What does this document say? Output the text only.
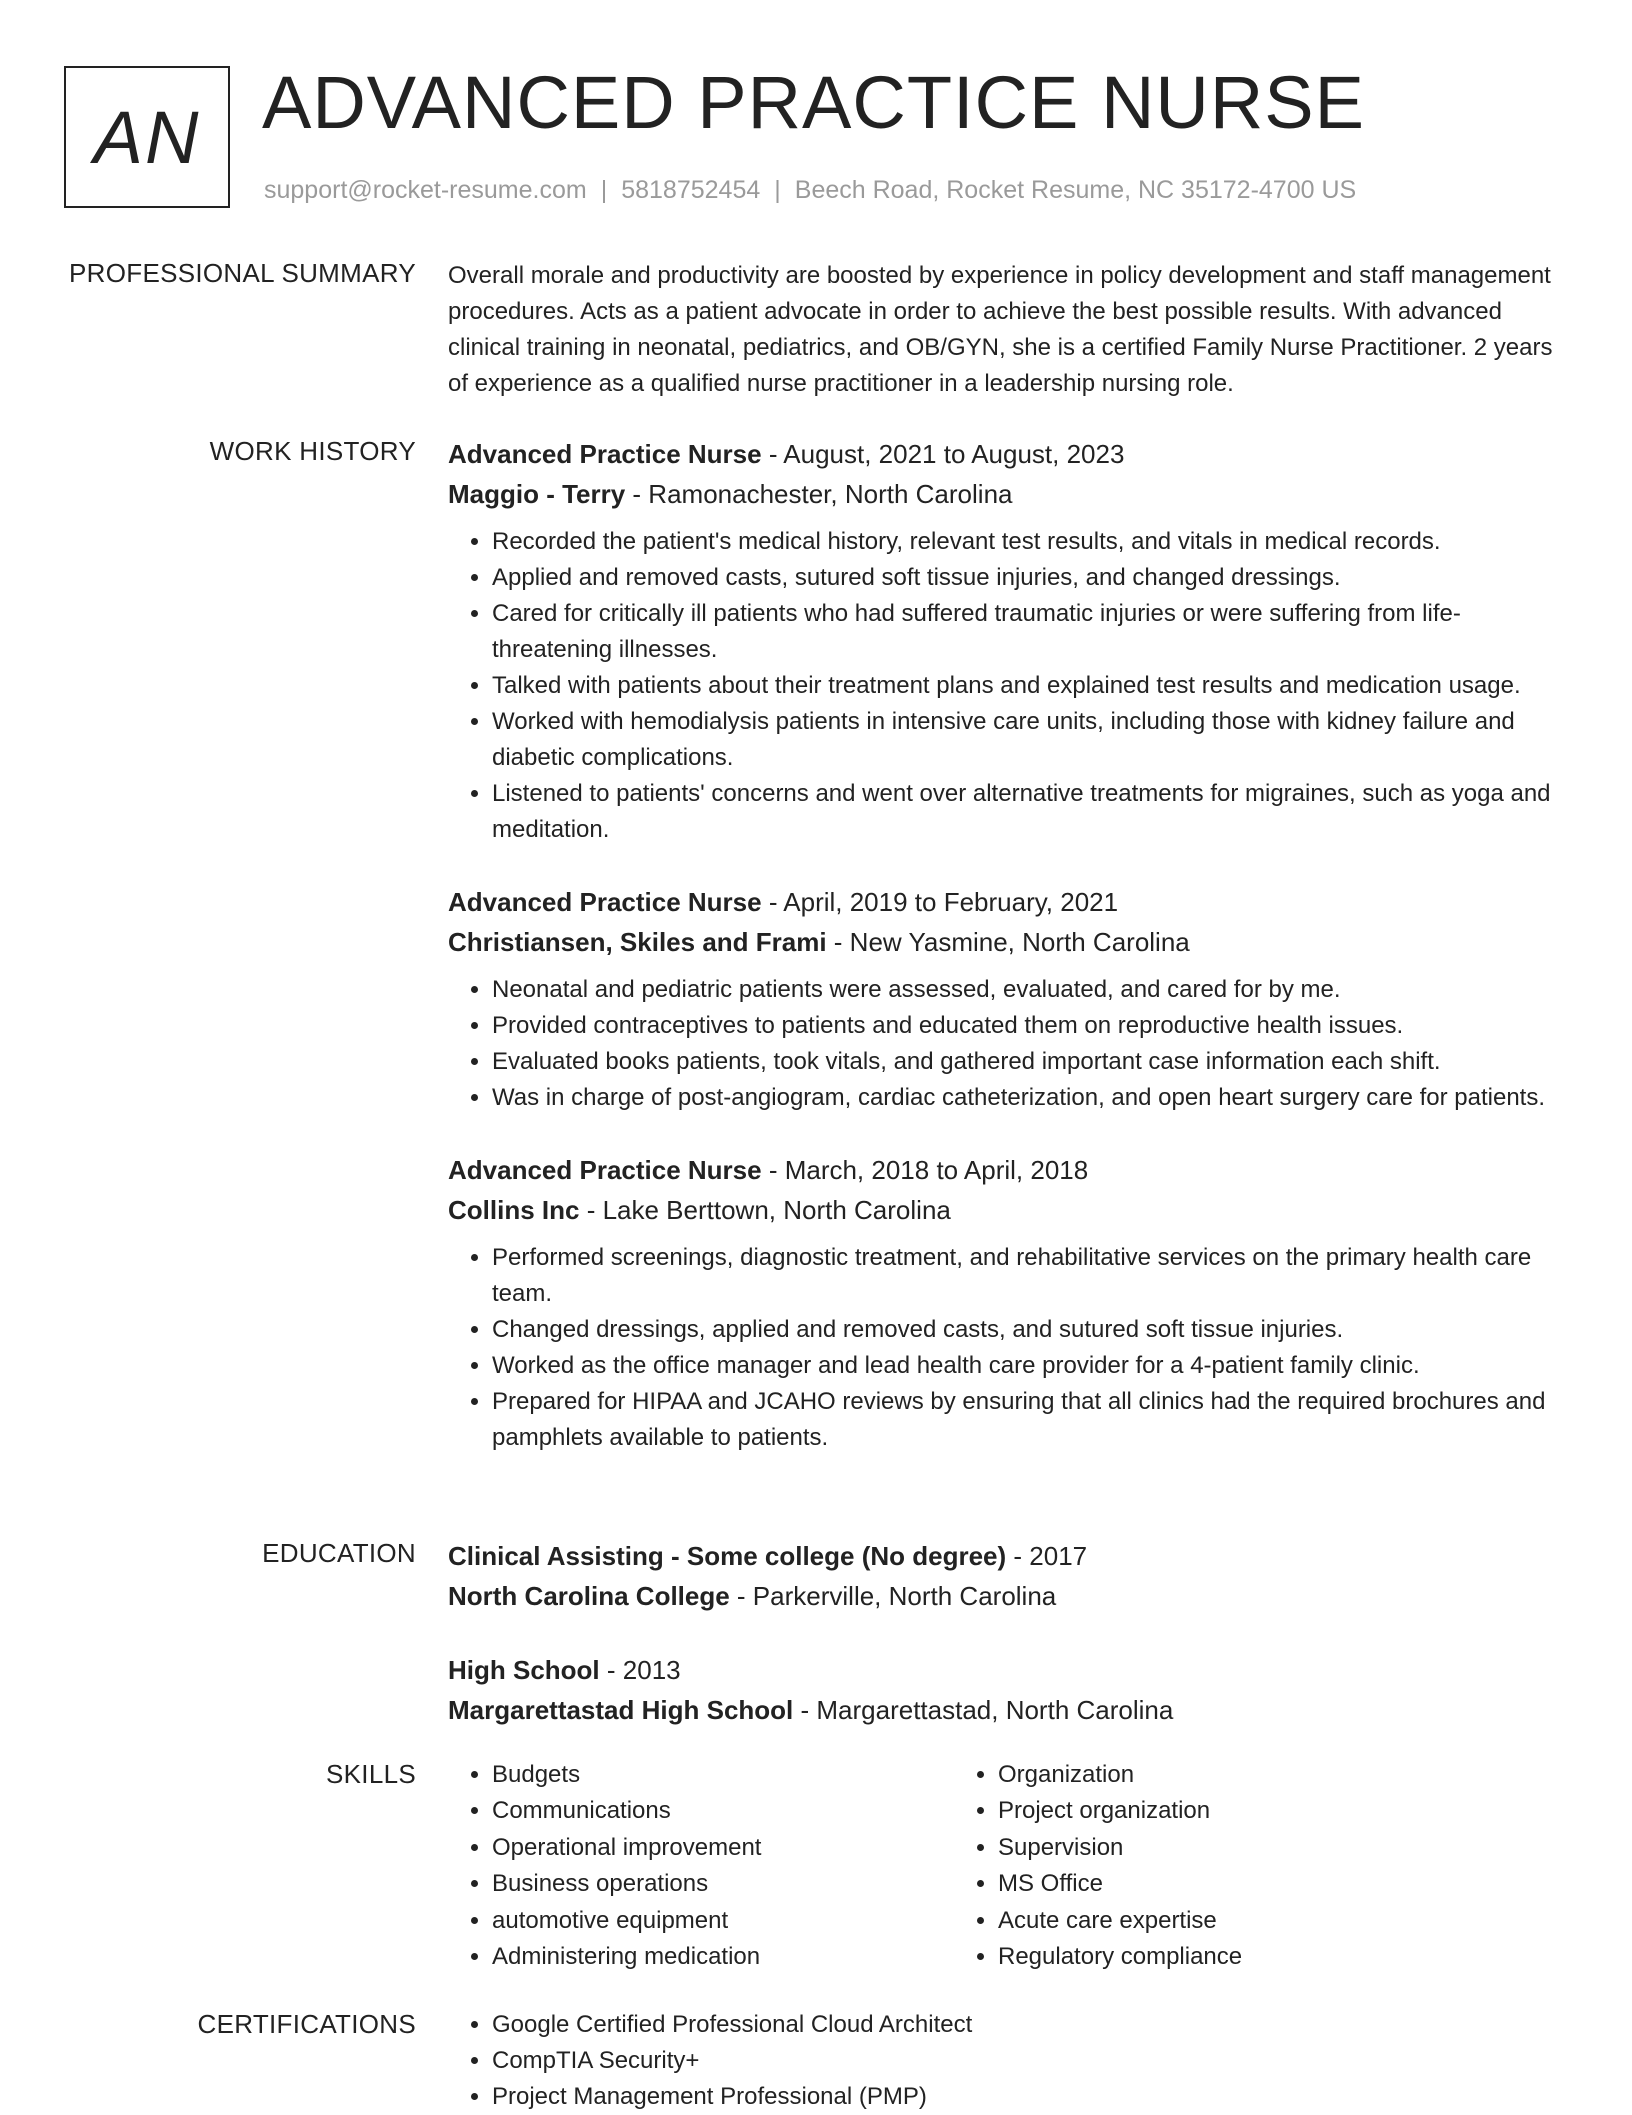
AN ADVANCED PRACTICE NURSE
support@rocket-resume.com | 5818752454 | Beech Road, Rocket Resume, NC 35172-4700 US
PROFESSIONAL SUMMARY Overall morale and productivity are boosted by experience in policy development and staff management procedures. Acts as a patient advocate in order to achieve the best possible results. With advanced clinical training in neonatal, pediatrics, and OB/GYN, she is a certified Family Nurse Practitioner. 2 years of experience as a qualified nurse practitioner in a leadership nursing role.
WORK HISTORY Advanced Practice Nurse - August, 2021 to August, 2023
Maggio - Terry - Ramonachester, North Carolina
• Recorded the patient's medical history, relevant test results, and vitals in medical records.
• Applied and removed casts, sutured soft tissue injuries, and changed dressings.
• Cared for critically ill patients who had suffered traumatic injuries or were suffering from life-threatening illnesses.
• Talked with patients about their treatment plans and explained test results and medication usage.
• Worked with hemodialysis patients in intensive care units, including those with kidney failure and diabetic complications.
• Listened to patients' concerns and went over alternative treatments for migraines, such as yoga and meditation.
Advanced Practice Nurse - April, 2019 to February, 2021
Christiansen, Skiles and Frami - New Yasmine, North Carolina
• Neonatal and pediatric patients were assessed, evaluated, and cared for by me.
• Provided contraceptives to patients and educated them on reproductive health issues.
• Evaluated books patients, took vitals, and gathered important case information each shift.
• Was in charge of post-angiogram, cardiac catheterization, and open heart surgery care for patients.
Advanced Practice Nurse - March, 2018 to April, 2018
Collins Inc - Lake Berttown, North Carolina
• Performed screenings, diagnostic treatment, and rehabilitative services on the primary health care team.
• Changed dressings, applied and removed casts, and sutured soft tissue injuries.
• Worked as the office manager and lead health care provider for a 4-patient family clinic.
• Prepared for HIPAA and JCAHO reviews by ensuring that all clinics had the required brochures and pamphlets available to patients.
EDUCATION Clinical Assisting - Some college (No degree) - 2017
North Carolina College - Parkerville, North Carolina
High School - 2013
Margarettastad High School - Margarettastad, North Carolina
SKILLS	• Budgets
• Communications
• Operational improvement
• Business operations
• automotive equipment
• Administering medication
• Organization
• Project organization
• Supervision
• MS Office
• Acute care expertise
• Regulatory compliance
CERTIFICATIONS	• Google Certified Professional Cloud Architect
• CompTIA Security+
• Project Management Professional (PMP)
